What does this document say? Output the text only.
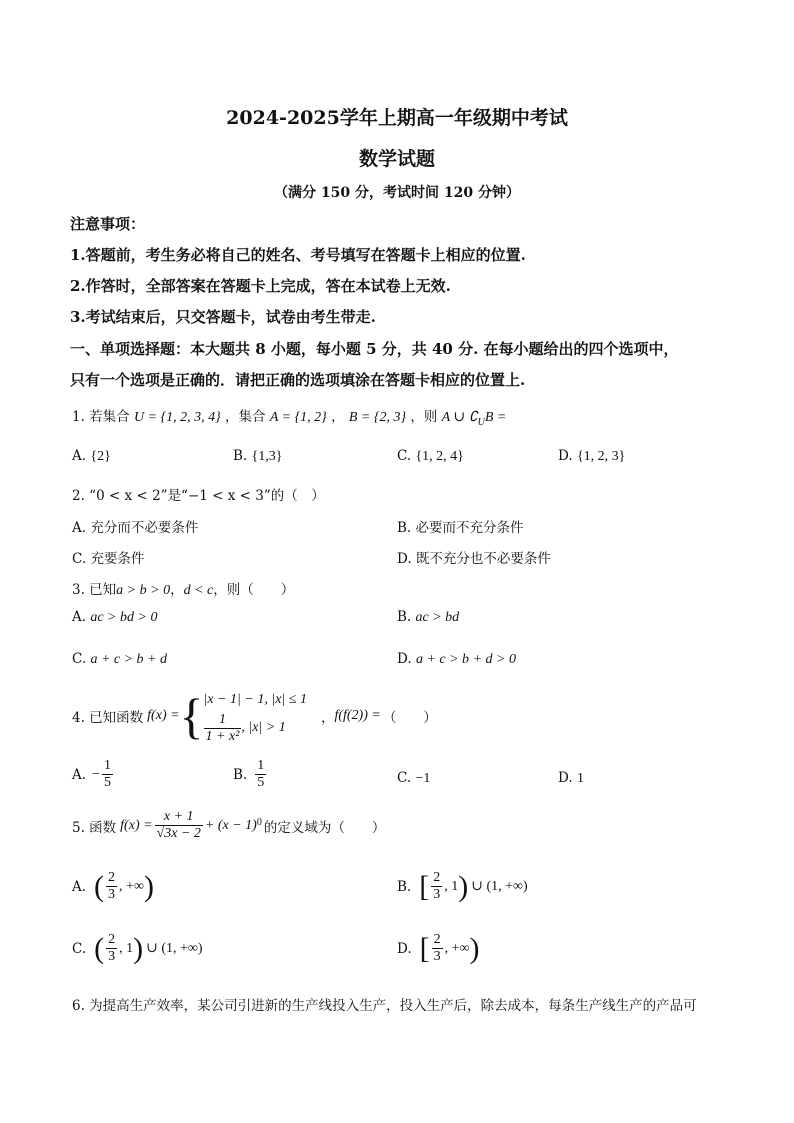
2024-2025学年上期高一年级期中考试
数学试题
（满分 150 分，考试时间 120 分钟）
注意事项：
1.答题前，考生务必将自己的姓名、考号填写在答题卡上相应的位置.
2.作答时，全部答案在答题卡上完成，答在本试卷上无效.
3.考试结束后，只交答题卡，试卷由考生带走.
一、单项选择题：本大题共 8 小题，每小题 5 分，共 40 分. 在每小题给出的四个选项中，
只有一个选项是正确的．请把正确的选项填涂在答题卡相应的位置上.
1. 若集合 U = {1, 2, 3, 4} ，集合 A = {1, 2} ， B = {2, 3} ，则 A ∪ $∁_UB$ =
A. {2}	B. {1,3}	C. {1, 2, 4}	D. {1, 2, 3}
2. “0 < x < 2”是“−1 < x < 3”的（　）
A. 充分而不必要条件	B. 必要而不充分条件
C. 充要条件	D. 既不充分也不必要条件
3. 已知a > b > 0，d < c，则（　　）
A. ac > bd > 0	B. ac > bd
C. a + c > b + d	D. a + c > b + d > 0
4. 已知函数 f(x) = { |x − 1| − 1, |x| ≤ 1
$\frac{1}{\text{1 + x²}}$ , |x| > 1
， f(f(2)) = （　　）
A. − $\frac{1}{5}$	B. $\frac{1}{5}$	C. −1	D. 1
5. 函数 $f(x) = \frac{x + 1}{√3x - 2} + (x - 1)^0$ 的定义域为（　　）
A. ( $\frac{2}{3}$ , +∞ )	B. [ $\frac{2}{3}$ , 1 ) ∪ (1, +∞)
C. ( $\frac{2}{3}$ , 1 ) ∪ (1, +∞)	D. [ $\frac{2}{3}$ , +∞ )
6. 为提高生产效率，某公司引进新的生产线投入生产，投入生产后，除去成本，每条生产线生产的产品可
